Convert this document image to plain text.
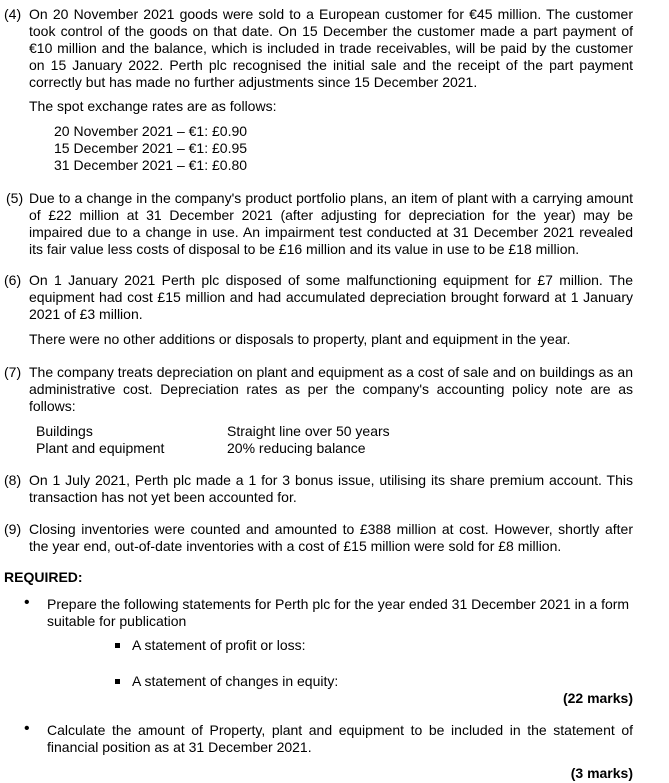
(4) On 20 November 2021 goods were sold to a European customer for €45 million. The customer took control of the goods on that date. On 15 December the customer made a part payment of €10 million and the balance, which is included in trade receivables, will be paid by the customer on 15 January 2022. Perth plc recognised the initial sale and the receipt of the part payment correctly but has made no further adjustments since 15 December 2021.
The spot exchange rates are as follows:
20 November 2021 – €1: £0.90
15 December 2021 – €1: £0.95
31 December 2021 – €1: £0.80
(5) Due to a change in the company's product portfolio plans, an item of plant with a carrying amount of £22 million at 31 December 2021 (after adjusting for depreciation for the year) may be impaired due to a change in use. An impairment test conducted at 31 December 2021 revealed its fair value less costs of disposal to be £16 million and its value in use to be £18 million.
(6) On 1 January 2021 Perth plc disposed of some malfunctioning equipment for £7 million. The equipment had cost £15 million and had accumulated depreciation brought forward at 1 January 2021 of £3 million.
There were no other additions or disposals to property, plant and equipment in the year.
(7) The company treats depreciation on plant and equipment as a cost of sale and on buildings as an administrative cost. Depreciation rates as per the company's accounting policy note are as follows:
Buildings	Straight line over 50 years
Plant and equipment	20% reducing balance
(8) On 1 July 2021, Perth plc made a 1 for 3 bonus issue, utilising its share premium account. This transaction has not yet been accounted for.
(9) Closing inventories were counted and amounted to £388 million at cost. However, shortly after the year end, out-of-date inventories with a cost of £15 million were sold for £8 million.
REQUIRED:
• Prepare the following statements for Perth plc for the year ended 31 December 2021 in a form suitable for publication
A statement of profit or loss:
A statement of changes in equity:
(22 marks)
• Calculate the amount of Property, plant and equipment to be included in the statement of financial position as at 31 December 2021.
(3 marks)
